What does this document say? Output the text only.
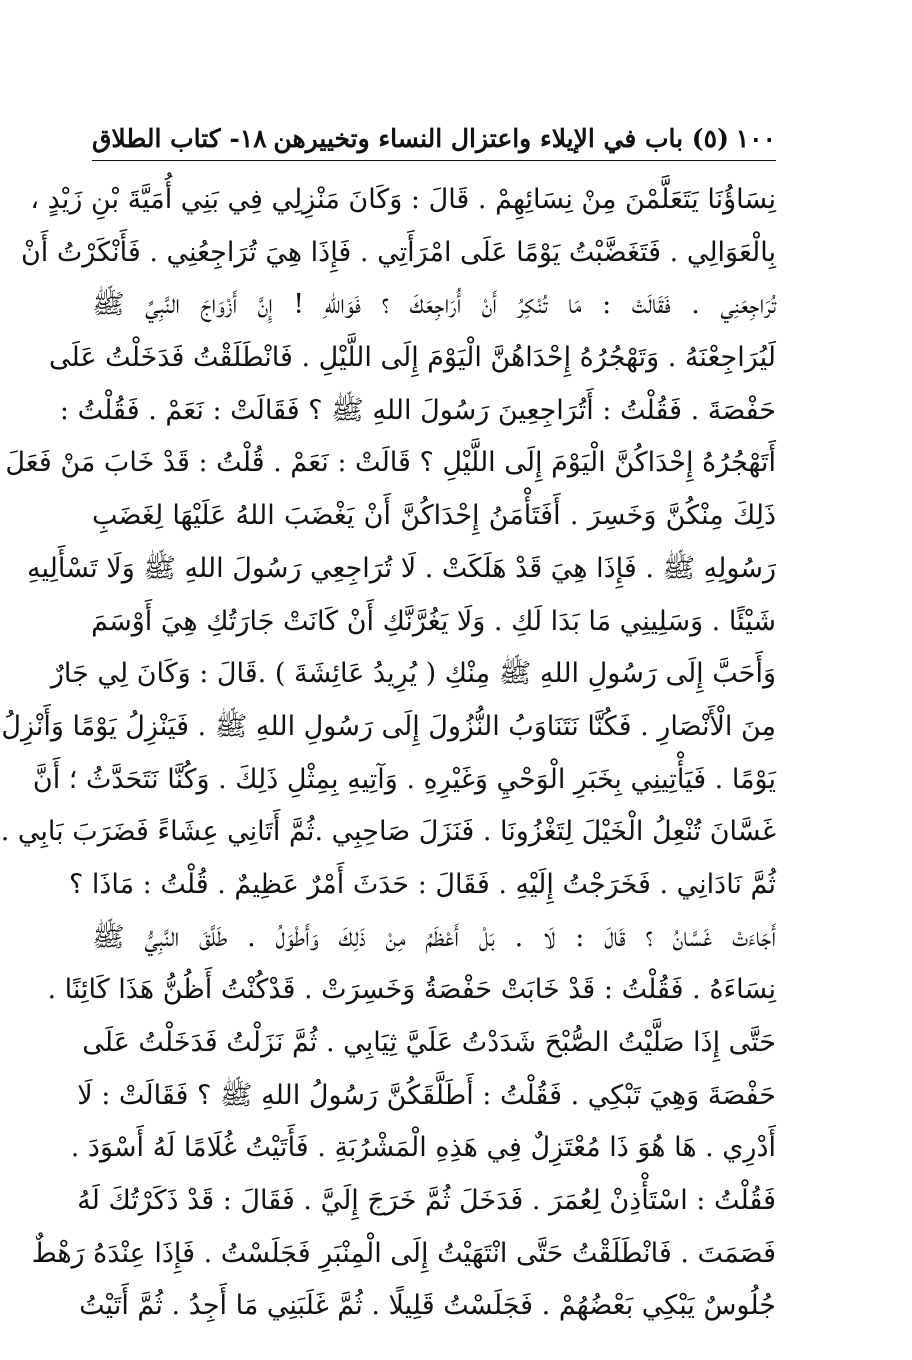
١٠٠
(٥) باب في الإيلاء واعتزال النساء وتخييرهن
١٨- كتاب الطلاق
نِسَاؤُنَا يَتَعَلَّمْنَ مِنْ نِسَائِهِمْ . قَالَ : وَكَانَ مَنْزِلِي فِي بَنِي أُمَيَّةَ بْنِ زَيْدٍ ،
بِالْعَوَالِي . فَتَغَضَّبْتُ يَوْمًا عَلَى امْرَأَتِي . فَإِذَا هِيَ تُرَاجِعُنِي . فَأَنْكَرْتُ أَنْ
تُرَاجِعَنِي . فَقَالَتْ : مَا تُنْكِرُ أَنْ أُرَاجِعَكَ ؟ فَوَاللهِ ! إِنَّ أَزْوَاجَ النَّبِيِّ ﷺ
لَيُرَاجِعْنَهُ . وَتَهْجُرُهُ إِحْدَاهُنَّ الْيَوْمَ إِلَى اللَّيْلِ . فَانْطَلَقْتُ فَدَخَلْتُ عَلَى
حَفْصَةَ . فَقُلْتُ : أَتُرَاجِعِينَ رَسُولَ اللهِ ﷺ ؟ فَقَالَتْ : نَعَمْ . فَقُلْتُ :
أَتَهْجُرُهُ إِحْدَاكُنَّ الْيَوْمَ إِلَى اللَّيْلِ ؟ قَالَتْ : نَعَمْ . قُلْتُ : قَدْ خَابَ مَنْ فَعَلَ
ذَلِكَ مِنْكُنَّ وَخَسِرَ . أَفَتَأْمَنُ إِحْدَاكُنَّ أَنْ يَغْضَبَ اللهُ عَلَيْهَا لِغَضَبِ
رَسُولِهِ ﷺ . فَإِذَا هِيَ قَدْ هَلَكَتْ . لَا تُرَاجِعِي رَسُولَ اللهِ ﷺ وَلَا تَسْأَلِيهِ
شَيْئًا . وَسَلِينِي مَا بَدَا لَكِ . وَلَا يَغُرَّنَّكِ أَنْ كَانَتْ جَارَتُكِ هِيَ أَوْسَمَ
وَأَحَبَّ إِلَى رَسُولِ اللهِ ﷺ مِنْكِ ( يُرِيدُ عَائِشَةَ ) .قَالَ : وَكَانَ لِي جَارٌ
مِنَ الْأَنْصَارِ . فَكُنَّا نَتَنَاوَبُ النُّزُولَ إِلَى رَسُولِ اللهِ ﷺ . فَيَنْزِلُ يَوْمًا وَأَنْزِلُ
يَوْمًا . فَيَأْتِينِي بِخَبَرِ الْوَحْيِ وَغَيْرِهِ . وَآتِيهِ بِمِثْلِ ذَلِكَ . وَكُنَّا نَتَحَدَّثُ ؛ أَنَّ
غَسَّانَ تُنْعِلُ الْخَيْلَ لِتَغْزُونَا . فَنَزَلَ صَاحِبِي .ثُمَّ أَتَانِي عِشَاءً فَضَرَبَ بَابِي .
ثُمَّ نَادَانِي . فَخَرَجْتُ إِلَيْهِ . فَقَالَ : حَدَثَ أَمْرٌ عَظِيمٌ . قُلْتُ : مَاذَا ؟
أَجَاءَتْ غَسَّانُ ؟ قَالَ : لَا . بَلْ أَعْظَمُ مِنْ ذَلِكَ وَأَطْوَلُ . طَلَّقَ النَّبِيُّ ﷺ
نِسَاءَهُ . فَقُلْتُ : قَدْ خَابَتْ حَفْصَةُ وَخَسِرَتْ . قَدْكُنْتُ أَظُنُّ هَذَا كَائِنًا .
حَتَّى إِذَا صَلَّيْتُ الصُّبْحَ شَدَدْتُ عَلَيَّ ثِيَابِي . ثُمَّ نَزَلْتُ فَدَخَلْتُ عَلَى
حَفْصَةَ وَهِيَ تَبْكِي . فَقُلْتُ : أَطَلَّقَكُنَّ رَسُولُ اللهِ ﷺ ؟ فَقَالَتْ : لَا
أَدْرِي . هَا هُوَ ذَا مُعْتَزِلٌ فِي هَذِهِ الْمَشْرُبَةِ . فَأَتَيْتُ غُلَامًا لَهُ أَسْوَدَ .
فَقُلْتُ : اسْتَأْذِنْ لِعُمَرَ . فَدَخَلَ ثُمَّ خَرَجَ إِلَيَّ . فَقَالَ : قَدْ ذَكَرْتُكَ لَهُ
فَصَمَتَ . فَانْطَلَقْتُ حَتَّى انْتَهَيْتُ إِلَى الْمِنْبَرِ فَجَلَسْتُ . فَإِذَا عِنْدَهُ رَهْطٌ
جُلُوسٌ يَبْكِي بَعْضُهُمْ . فَجَلَسْتُ قَلِيلًا . ثُمَّ غَلَبَنِي مَا أَجِدُ . ثُمَّ أَتَيْتُ
